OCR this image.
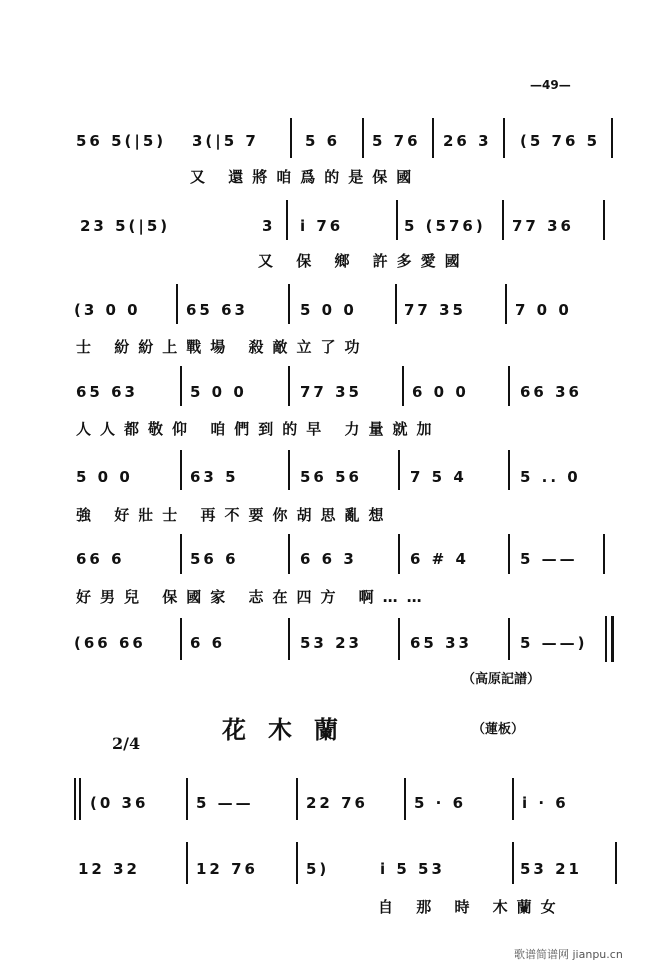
—49—
56 5(|5) 3(|5 7	5 6 5 76 26 3 (5 76 5
又 還將咱爲的是保國
23 5(|5)	3 i 76	5 (576) 77 36
又 保 鄉 許多愛國
(3 0 0	65 63	5 0 0	77 35	7 0 0
士 紛紛上戰場 殺敵立了功
65 63	5 0 0	77 35	6 0 0	66 36
人人都敬仰 咱們到的早 力量就加
5 0 0	63 5	56 56	7 5 4	5 .. 0
強 好壯士 再不要你胡思亂想
66 6	56 6	6 6 3	6 # 4	5 ——
好男兒 保國家 志在四方 啊……
(66 66	6 6	53 23	65 33	5 ——)
（高原記譜）
花木蘭	（蓮板）
2/4
(0 36	5 ——	22 76	5 · 6	i · 6
12 32	12 76	5)	i 5 53	53 21
自 那 時 木蘭女
歌谱简谱网 jianpu.cn
